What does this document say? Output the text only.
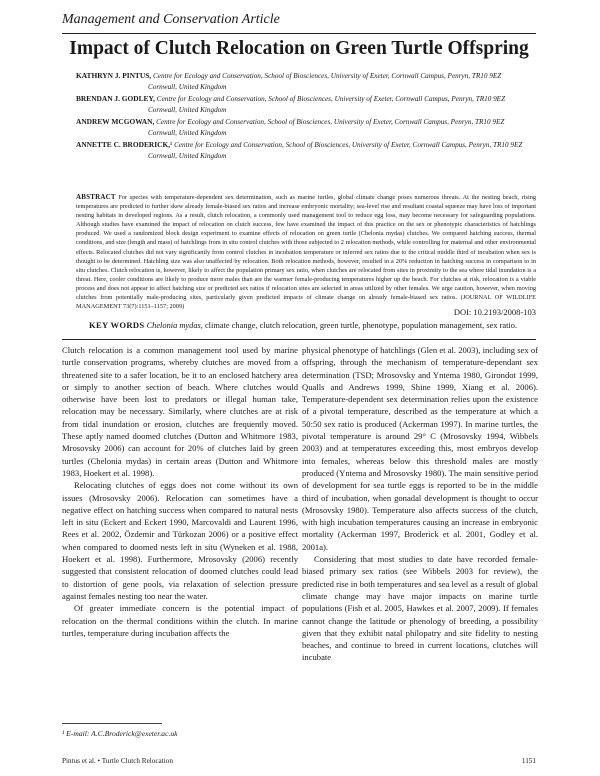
Management and Conservation Article
Impact of Clutch Relocation on Green Turtle Offspring

KATHRYN J. PINTUS, Centre for Ecology and Conservation, School of Biosciences, University of Exeter, Cornwall Campus, Penryn, TR10 9EZ

Cornwall, United Kingdom

BRENDAN J. GODLEY, Centre for Ecology and Conservation, School of Biosciences, University of Exeter, Cornwall Campus, Penryn, TR10 9EZ

Cornwall, United Kingdom

ANDREW MCGOWAN, Centre for Ecology and Conservation, School of Biosciences, University of Exeter, Cornwall Campus, Penryn, TR10 9EZ

Cornwall, United Kingdom

ANNETTE C. BRODERICK,¹ Centre for Ecology and Conservation, School of Biosciences, University of Exeter, Cornwall Campus, Penryn, TR10 9EZ

Cornwall, United Kingdom

ABSTRACT For species with temperature-dependent sex determination, such as marine turtles, global climate change poses numerous threats. At the nesting beach, rising temperatures are predicted to further skew already female-biased sex ratios and increase embryonic mortality; sea-level rise and resultant coastal squeeze may have loss of important nesting habitats in developed regions. As a result, clutch relocation, a commonly used management tool to reduce egg loss, may become necessary for safeguarding populations. Although studies have examined the impact of relocation on clutch success, few have examined the impact of this practice on the sex or phenotypic characteristics of hatchlings produced. We used a randomized block design experiment to examine effects of relocation on green turtle (Chelonia mydas) clutches. We compared hatching success, thermal conditions, and size (length and mass) of hatchlings from in situ control clutches with those subjected to 2 relocation methods, while controlling for maternal and other environmental effects. Relocated clutches did not vary significantly from control clutches in incubation temperature or inferred sex ratios due to the critical middle third of incubation when sex is thought to be determined. Hatchling size was also unaffected by relocation. Both relocation methods, however, resulted in a 20% reduction in hatching success in comparison to in situ clutches. Clutch relocation is, however, likely to affect the population primary sex ratio, when clutches are relocated from sites in proximity to the sea where tidal inundation is a threat. Here, cooler conditions are likely to produce more males than are the warmer female-producing temperatures higher up the beach. For clutches at risk, relocation is a viable process and does not appear to affect hatching size or predicted sex ratios if relocation sites are selected in areas utilized by other females. We urge caution, however, when moving clutches from potentially male-producing sites, particularly given predicted impacts of climate change on already female-biased sex ratios. (JOURNAL OF WILDLIFE MANAGEMENT 73(7):1151–1157; 2009)
DOI: 10.2193/2008-103
KEY WORDS Chelonia mydas, climate change, clutch relocation, green turtle, phenotype, population management, sex ratio.

Clutch relocation is a common management tool used by marine turtle conservation programs, whereby clutches are moved from a threatened site to a safer location, be it to an enclosed hatchery area or simply to another section of beach. Where clutches would otherwise have been lost to predators or illegal human take, relocation may be necessary. Similarly, where clutches are at risk from tidal inundation or erosion, clutches are frequently moved. These aptly named doomed clutches (Dutton and Whitmore 1983, Mrosovsky 2006) can account for 20% of clutches laid by green turtles (Chelonia mydas) in certain areas (Dutton and Whitmore 1983, Hoekert et al. 1998).

Relocating clutches of eggs does not come without its own issues (Mrosovsky 2006). Relocation can sometimes have a negative effect on hatching success when compared to natural nests left in situ (Eckert and Eckert 1990, Marcovaldi and Laurent 1996, Rees et al. 2002, Özdemir and Türkozan 2006) or a positive effect when compared to doomed nests left in situ (Wyneken et al. 1988, Hoekert et al. 1998). Furthermore, Mrosovsky (2006) recently suggested that consistent relocation of doomed clutches could lead to distortion of gene pools, via relaxation of selection pressure against females nesting too near the water.

Of greater immediate concern is the potential impact of relocation on the thermal conditions within the clutch. In marine turtles, temperature during incubation affects the

physical phenotype of hatchlings (Glen et al. 2003), including sex of offspring, through the mechanism of temperature-dependant sex determination (TSD; Mrosovsky and Yntema 1980, Girondot 1999, Qualls and Andrews 1999, Shine 1999, Xiang et al. 2006). Temperature-dependent sex determination relies upon the existence of a pivotal temperature, described as the temperature at which a 50:50 sex ratio is produced (Ackerman 1997). In marine turtles, the pivotal temperature is around 29° C (Mrosovsky 1994, Wibbels 2003) and at temperatures exceeding this, most embryos develop into females, whereas below this threshold males are mostly produced (Yntema and Mrosovsky 1980). The main sensitive period of development for sea turtle eggs is reported to be in the middle third of incubation, when gonadal development is thought to occur (Mrosovsky 1980). Temperature also affects success of the clutch, with high incubation temperatures causing an increase in embryonic mortality (Ackerman 1997, Broderick et al. 2001, Godley et al. 2001a).

Considering that most studies to date have recorded female-biased primary sex ratios (see Wibbels 2003 for review), the predicted rise in both temperatures and sea level as a result of global climate change may have major impacts on marine turtle populations (Fish et al. 2005, Hawkes et al. 2007, 2009). If females cannot change the latitude or phenology of breeding, a possibility given that they exhibit natal philopatry and site fidelity to nesting beaches, and continue to breed in current locations, clutches will incubate

¹ E-mail: A.C.Broderick@exeter.ac.uk
Pintus et al. • Turtle Clutch Relocation	1151
